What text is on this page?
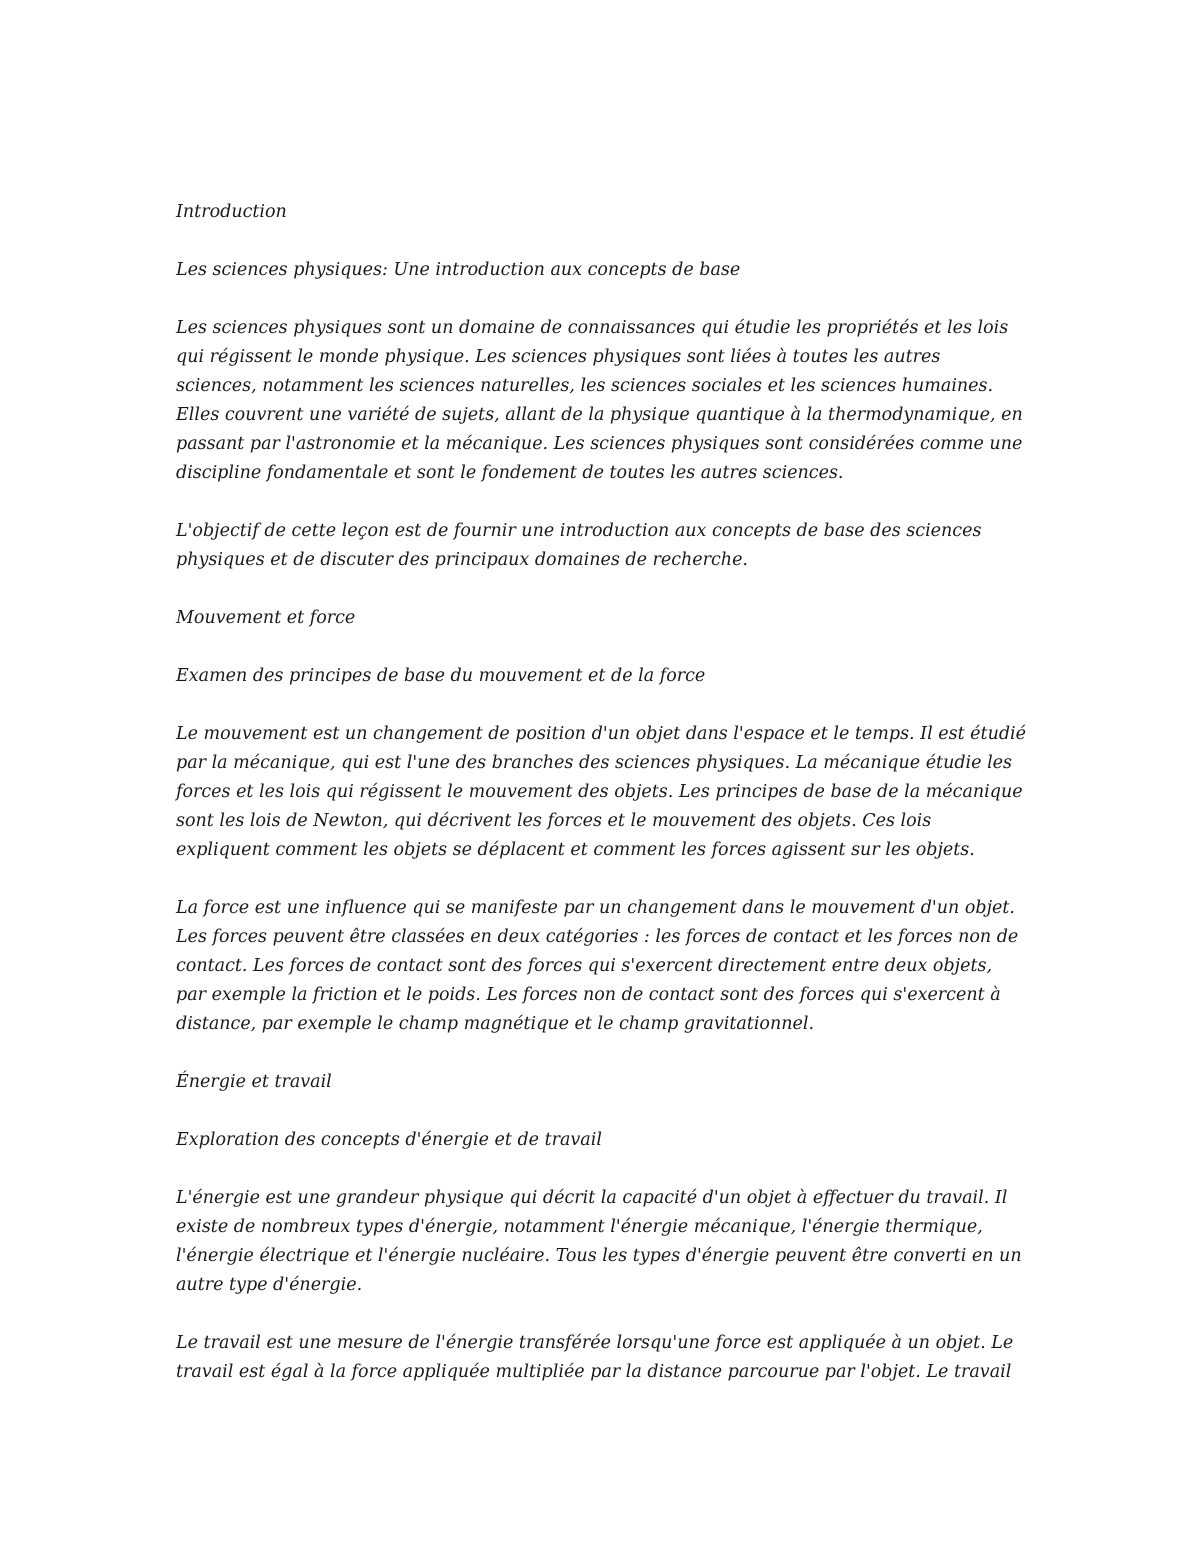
Introduction

Les sciences physiques: Une introduction aux concepts de base

Les sciences physiques sont un domaine de connaissances qui étudie les propriétés et les lois qui régissent le monde physique. Les sciences physiques sont liées à toutes les autres sciences, notamment les sciences naturelles, les sciences sociales et les sciences humaines. Elles couvrent une variété de sujets, allant de la physique quantique à la thermodynamique, en passant par l'astronomie et la mécanique. Les sciences physiques sont considérées comme une discipline fondamentale et sont le fondement de toutes les autres sciences.

L'objectif de cette leçon est de fournir une introduction aux concepts de base des sciences physiques et de discuter des principaux domaines de recherche.

Mouvement et force

Examen des principes de base du mouvement et de la force

Le mouvement est un changement de position d'un objet dans l'espace et le temps. Il est étudié par la mécanique, qui est l'une des branches des sciences physiques. La mécanique étudie les forces et les lois qui régissent le mouvement des objets. Les principes de base de la mécanique sont les lois de Newton, qui décrivent les forces et le mouvement des objets. Ces lois expliquent comment les objets se déplacent et comment les forces agissent sur les objets.

La force est une influence qui se manifeste par un changement dans le mouvement d'un objet. Les forces peuvent être classées en deux catégories : les forces de contact et les forces non de contact. Les forces de contact sont des forces qui s'exercent directement entre deux objets, par exemple la friction et le poids. Les forces non de contact sont des forces qui s'exercent à distance, par exemple le champ magnétique et le champ gravitationnel.

Énergie et travail

Exploration des concepts d'énergie et de travail

L'énergie est une grandeur physique qui décrit la capacité d'un objet à effectuer du travail. Il existe de nombreux types d'énergie, notamment l'énergie mécanique, l'énergie thermique, l'énergie électrique et l'énergie nucléaire. Tous les types d'énergie peuvent être converti en un autre type d'énergie.

Le travail est une mesure de l'énergie transférée lorsqu'une force est appliquée à un objet. Le travail est égal à la force appliquée multipliée par la distance parcourue par l'objet. Le travail
